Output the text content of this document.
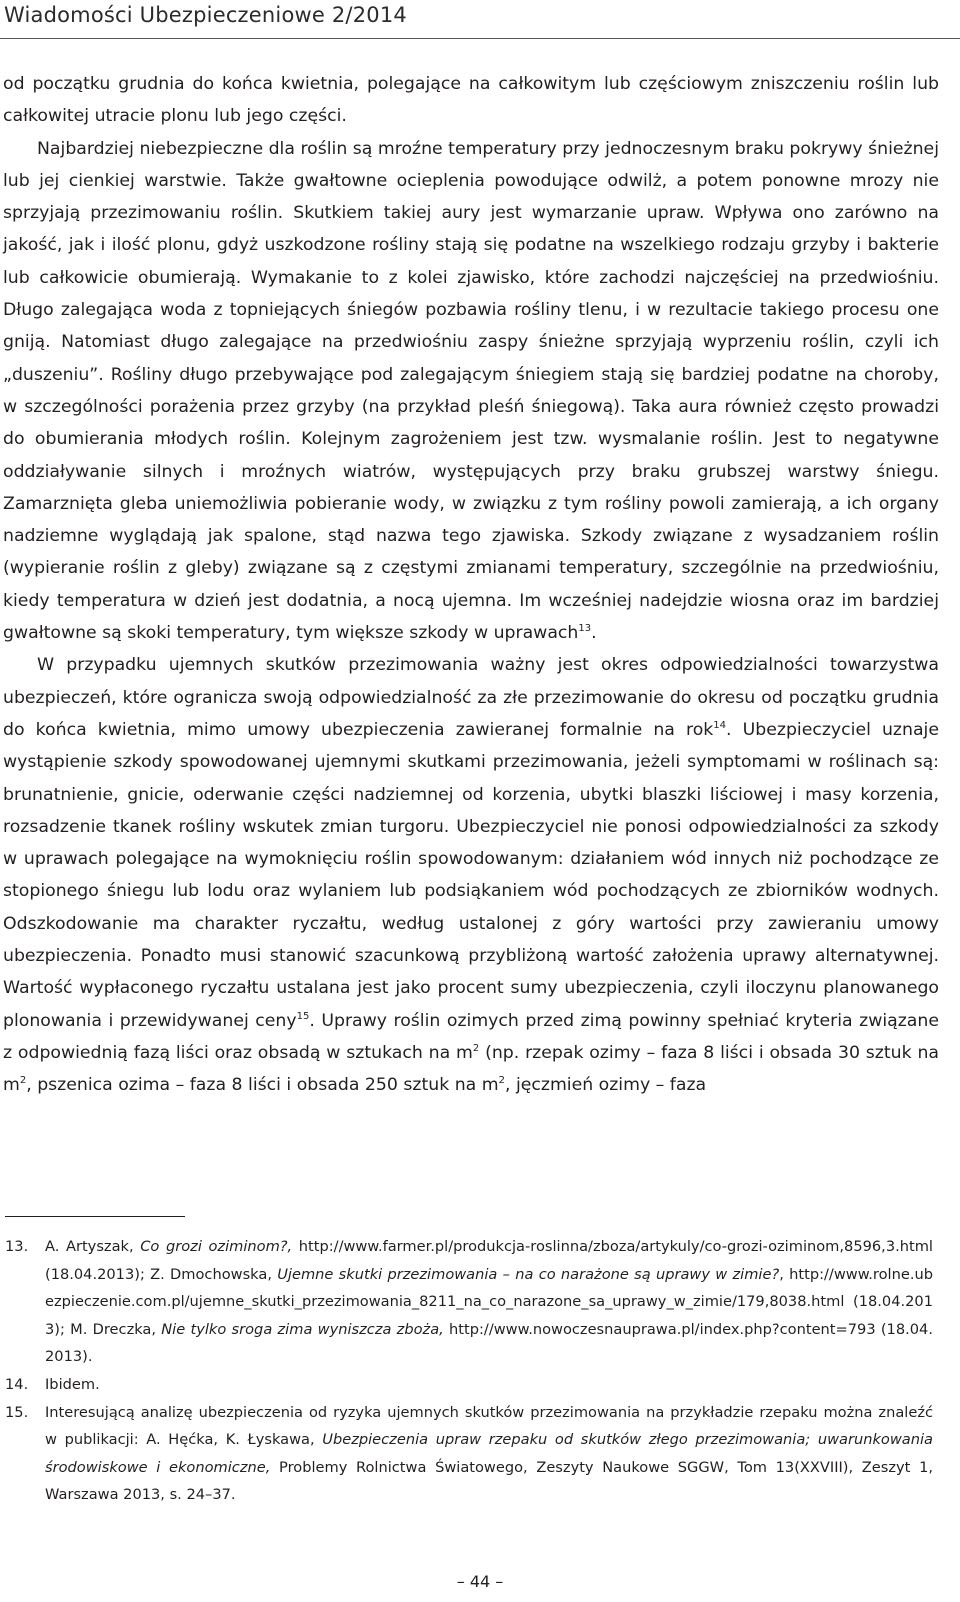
Wiadomości Ubezpieczeniowe 2/2014

od początku grudnia do końca kwietnia, polegające na całkowitym lub częściowym zniszczeniu roślin lub całkowitej utracie plonu lub jego części.

Najbardziej niebezpieczne dla roślin są mroźne temperatury przy jednoczesnym braku pokrywy śnieżnej lub jej cienkiej warstwie. Także gwałtowne ocieplenia powodujące odwilż, a potem ponowne mrozy nie sprzyjają przezimowaniu roślin. Skutkiem takiej aury jest wymarzanie upraw. Wpływa ono zarówno na jakość, jak i ilość plonu, gdyż uszkodzone rośliny stają się podatne na wszelkiego rodzaju grzyby i bakterie lub całkowicie obumierają. Wymakanie to z kolei zjawisko, które zachodzi najczęściej na przedwiośniu. Długo zalegająca woda z topniejących śniegów pozbawia rośliny tlenu, i w rezultacie takiego procesu one gniją. Natomiast długo zalegające na przedwiośniu zaspy śnieżne sprzyjają wyprzeniu roślin, czyli ich „duszeniu”. Rośliny długo przebywające pod zalegającym śniegiem stają się bardziej podatne na choroby, w szczególności porażenia przez grzyby (na przykład pleśń śniegową). Taka aura również często prowadzi do obumierania młodych roślin. Kolejnym zagrożeniem jest tzw. wysmalanie roślin. Jest to negatywne oddziaływanie silnych i mroźnych wiatrów, występujących przy braku grubszej warstwy śniegu. Zamarznięta gleba uniemożliwia pobieranie wody, w związku z tym rośliny powoli zamierają, a ich organy nadziemne wyglądają jak spalone, stąd nazwa tego zjawiska. Szkody związane z wysadzaniem roślin (wypieranie roślin z gleby) związane są z częstymi zmianami temperatury, szczególnie na przedwiośniu, kiedy temperatura w dzień jest dodatnia, a nocą ujemna. Im wcześniej nadejdzie wiosna oraz im bardziej gwałtowne są skoki temperatury, tym większe szkody w uprawach$^{13}$.

W przypadku ujemnych skutków przezimowania ważny jest okres odpowiedzialności towarzystwa ubezpieczeń, które ogranicza swoją odpowiedzialność za złe przezimowanie do okresu od początku grudnia do końca kwietnia, mimo umowy ubezpieczenia zawieranej formalnie na rok$^{14}$. Ubezpieczyciel uznaje wystąpienie szkody spowodowanej ujemnymi skutkami przezimowania, jeżeli symptomami w roślinach są: brunatnienie, gnicie, oderwanie części nadziemnej od korzenia, ubytki blaszki liściowej i masy korzenia, rozsadzenie tkanek rośliny wskutek zmian turgoru. Ubezpieczyciel nie ponosi odpowiedzialności za szkody w uprawach polegające na wymoknięciu roślin spowodowanym: działaniem wód innych niż pochodzące ze stopionego śniegu lub lodu oraz wylaniem lub podsiąkaniem wód pochodzących ze zbiorników wodnych. Odszkodowanie ma charakter ryczałtu, według ustalonej z góry wartości przy zawieraniu umowy ubezpieczenia. Ponadto musi stanowić szacunkową przybliżoną wartość założenia uprawy alternatywnej. Wartość wypłaconego ryczałtu ustalana jest jako procent sumy ubezpieczenia, czyli iloczynu planowanego plonowania i przewidywanej ceny$^{15}$. Uprawy roślin ozimych przed zimą powinny spełniać kryteria związane z odpowiednią fazą liści oraz obsadą w sztukach na $m^2$ (np. rzepak ozimy – faza 8 liści i obsada 30 sztuk na $m^2$, pszenica ozima – faza 8 liści i obsada 250 sztuk na $m^2$, jęczmień ozimy – faza

13.	A. Artyszak, Co grozi oziminom?, http://www.farmer.pl/produkcja-roslinna/zboza/artykuly/co-grozi-oziminom,8596,3.html (18.04.2013); Z. Dmochowska, Ujemne skutki przezimowania – na co narażone są uprawy w zimie?, http://www.rolne.ubezpieczenie.com.pl/ujemne_skutki_przezimowania_8211_na_co_narazone_sa_uprawy_w_zimie/179,8038.html (18.04.2013); M. Dreczka, Nie tylko sroga zima wyniszcza zboża, http://www.nowoczesnauprawa.pl/index.php?content=793 (18.04.2013).
14.	Ibidem.
15.	Interesującą analizę ubezpieczenia od ryzyka ujemnych skutków przezimowania na przykładzie rzepaku można znaleźć w publikacji: A. Hęćka, K. Łyskawa, Ubezpieczenia upraw rzepaku od skutków złego przezimowania; uwarunkowania środowiskowe i ekonomiczne, Problemy Rolnictwa Światowego, Zeszyty Naukowe SGGW, Tom 13(XXVIII), Zeszyt 1, Warszawa 2013, s. 24–37.
– 44 –
